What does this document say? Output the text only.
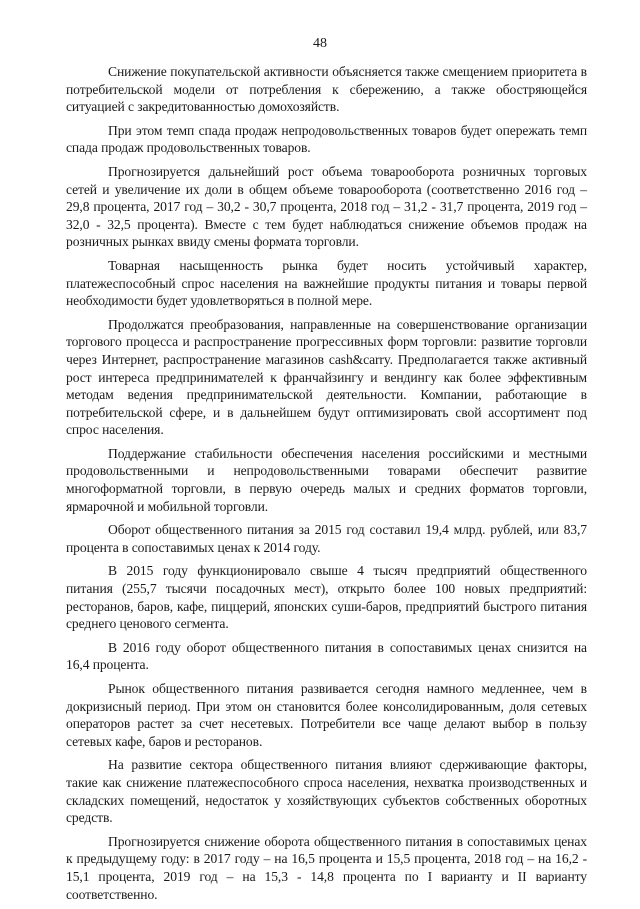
48

Снижение покупательской активности объясняется также смещением приоритета в потребительской модели от потребления к сбережению, а также обостряющейся ситуацией с закредитованностью домохозяйств.

При этом темп спада продаж непродовольственных товаров будет опережать темп спада продаж продовольственных товаров.

Прогнозируется дальнейший рост объема товарооборота розничных торговых сетей и увеличение их доли в общем объеме товарооборота (соответственно 2016 год – 29,8 процента, 2017 год – 30,2 - 30,7 процента, 2018 год – 31,2 - 31,7 процента, 2019 год – 32,0 - 32,5 процента). Вместе с тем будет наблюдаться снижение объемов продаж на розничных рынках ввиду смены формата торговли.

Товарная насыщенность рынка будет носить устойчивый характер, платежеспособный спрос населения на важнейшие продукты питания и товары первой необходимости будет удовлетворяться в полной мере.

Продолжатся преобразования, направленные на совершенствование организации торгового процесса и распространение прогрессивных форм торговли: развитие торговли через Интернет, распространение магазинов cash&carry. Предполагается также активный рост интереса предпринимателей к франчайзингу и вендингу как более эффективным методам ведения предпринимательской деятельности. Компании, работающие в потребительской сфере, и в дальнейшем будут оптимизировать свой ассортимент под спрос населения.

Поддержание стабильности обеспечения населения российскими и местными продовольственными и непродовольственными товарами обеспечит развитие многоформатной торговли, в первую очередь малых и средних форматов торговли, ярмарочной и мобильной торговли.

Оборот общественного питания за 2015 год составил 19,4 млрд. рублей, или 83,7 процента в сопоставимых ценах к 2014 году.

В 2015 году функционировало свыше 4 тысяч предприятий общественного питания (255,7 тысячи посадочных мест), открыто более 100 новых предприятий: ресторанов, баров, кафе, пиццерий, японских суши-баров, предприятий быстрого питания среднего ценового сегмента.

В 2016 году оборот общественного питания в сопоставимых ценах снизится на 16,4 процента.

Рынок общественного питания развивается сегодня намного медленнее, чем в докризисный период. При этом он становится более консолидированным, доля сетевых операторов растет за счет несетевых. Потребители все чаще делают выбор в пользу сетевых кафе, баров и ресторанов.

На развитие сектора общественного питания влияют сдерживающие факторы, такие как снижение платежеспособного спроса населения, нехватка производственных и складских помещений, недостаток у хозяйствующих субъектов собственных оборотных средств.

Прогнозируется снижение оборота общественного питания в сопоставимых ценах к предыдущему году: в 2017 году – на 16,5 процента и 15,5 процента, 2018 год – на 16,2 - 15,1 процента, 2019 год – на 15,3 - 14,8 процента по I варианту и II варианту соответственно.
